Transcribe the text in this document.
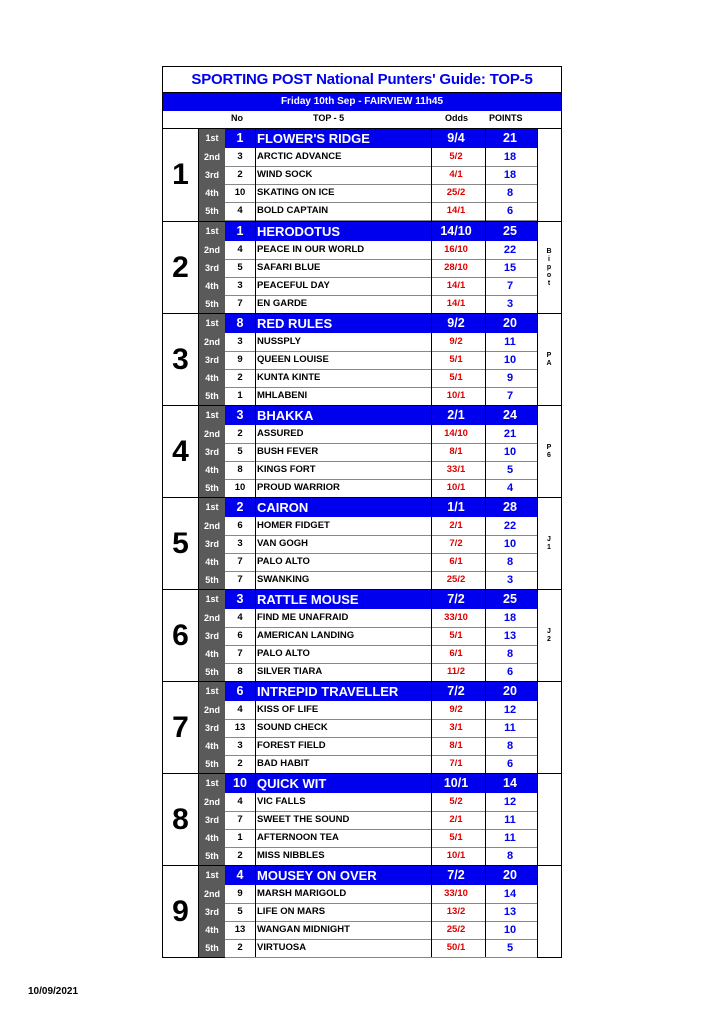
SPORTING POST National Punters' Guide: TOP-5
Friday 10th Sep - FAIRVIEW 11h45
No	TOP - 5	Odds POINTS
1
1st	1	FLOWER'S RIDGE	9/4	21
2nd	3	ARCTIC ADVANCE	5/2	18
3rd	2	WIND SOCK	4/1	18
4th	10	SKATING ON ICE	25/2	8
5th	4	BOLD CAPTAIN	14/1	6
2
1st	1	HERODOTUS	14/10	25
2nd	4	PEACE IN OUR WORLD	16/10	22
3rd	5	SAFARI BLUE	28/10	15
4th	3	PEACEFUL DAY	14/1	7
5th	7	EN GARDE	14/1	3
Bipot
3
1st	8	RED RULES	9/2	20
2nd	3	NUSSPLY	9/2	11
3rd	9	QUEEN LOUISE	5/1	10
4th	2	KUNTA KINTE	5/1	9
5th	1	MHLABENI	10/1	7
PA
4
1st	3	BHAKKA	2/1	24
2nd	2	ASSURED	14/10	21
3rd	5	BUSH FEVER	8/1	10
4th	8	KINGS FORT	33/1	5
5th	10	PROUD WARRIOR	10/1	4
P6
5
1st	2	CAIRON	1/1	28
2nd	6	HOMER FIDGET	2/1	22
3rd	3	VAN GOGH	7/2	10
4th	7	PALO ALTO	6/1	8
5th	7	SWANKING	25/2	3
J1
6
1st	3	RATTLE MOUSE	7/2	25
2nd	4	FIND ME UNAFRAID	33/10	18
3rd	6	AMERICAN LANDING	5/1	13
4th	7	PALO ALTO	6/1	8
5th	8	SILVER TIARA	11/2	6
J2
7
1st	6	INTREPID TRAVELLER	7/2	20
2nd	4	KISS OF LIFE	9/2	12
3rd	13	SOUND CHECK	3/1	11
4th	3	FOREST FIELD	8/1	8
5th	2	BAD HABIT	7/1	6
8
1st	10 QUICK WIT	10/1	14
2nd	4	VIC FALLS	5/2	12
3rd	7	SWEET THE SOUND	2/1	11
4th	1	AFTERNOON TEA	5/1	11
5th	2	MISS NIBBLES	10/1	8
9
1st	4	MOUSEY ON OVER	7/2	20
2nd	9	MARSH MARIGOLD	33/10	14
3rd	5	LIFE ON MARS	13/2	13
4th	13	WANGAN MIDNIGHT	25/2	10
5th	2	VIRTUOSA	50/1	5
10/09/2021
